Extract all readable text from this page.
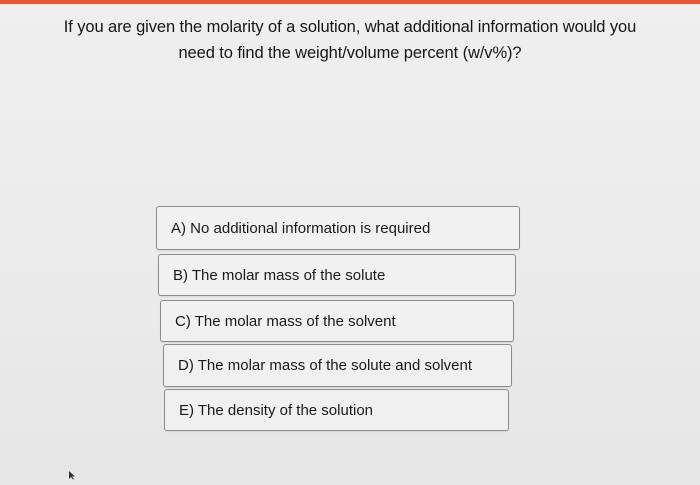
If you are given the molarity of a solution, what additional information would you
need to find the weight/volume percent (w/v%)?
A) No additional information is required
B) The molar mass of the solute
C) The molar mass of the solvent
D) The molar mass of the solute and solvent
E) The density of the solution
